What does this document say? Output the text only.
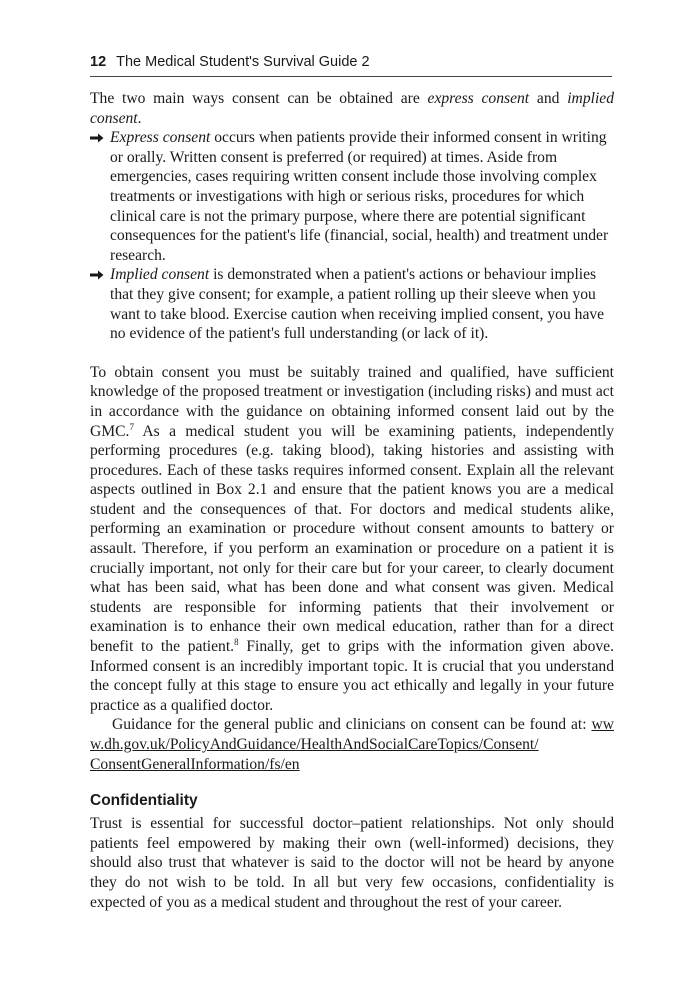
12 The Medical Student's Survival Guide 2

The two main ways consent can be obtained are express consent and implied consent.

Express consent occurs when patients provide their informed consent in writing or orally. Written consent is preferred (or required) at times. Aside from emergencies, cases requiring written consent include those involving complex treatments or investigations with high or serious risks, procedures for which clinical care is not the primary purpose, where there are potential significant consequences for the patient's life (financial, social, health) and treatment under research.
Implied consent is demonstrated when a patient's actions or behaviour implies that they give consent; for example, a patient rolling up their sleeve when you want to take blood. Exercise caution when receiving implied consent, you have no evidence of the patient's full understanding (or lack of it).

To obtain consent you must be suitably trained and qualified, have sufficient knowledge of the proposed treatment or investigation (including risks) and must act in accordance with the guidance on obtaining informed consent laid out by the GMC.$^7$ As a medical student you will be examining patients, independently performing procedures (e.g. taking blood), taking histories and assisting with procedures. Each of these tasks requires informed consent. Explain all the relevant aspects outlined in Box 2.1 and ensure that the patient knows you are a medical student and the consequences of that. For doctors and medical students alike, performing an examination or procedure without consent amounts to battery or assault. Therefore, if you perform an examination or procedure on a patient it is crucially important, not only for their care but for your career, to clearly document what has been said, what has been done and what consent was given. Medical students are responsible for informing patients that their involvement or examination is to enhance their own medical education, rather than for a direct benefit to the patient.$^8$ Finally, get to grips with the information given above. Informed consent is an incredibly important topic. It is crucial that you understand the concept fully at this stage to ensure you act ethically and legally in your future practice as a qualified doctor.

Guidance for the general public and clinicians on consent can be found at: www.dh.gov.uk/PolicyAndGuidance/HealthAndSocialCareTopics/Consent/
ConsentGeneralInformation/fs/en

Confidentiality

Trust is essential for successful doctor–patient relationships. Not only should patients feel empowered by making their own (well-informed) decisions, they should also trust that whatever is said to the doctor will not be heard by anyone they do not wish to be told. In all but very few occasions, confidentiality is expected of you as a medical student and throughout the rest of your career.
